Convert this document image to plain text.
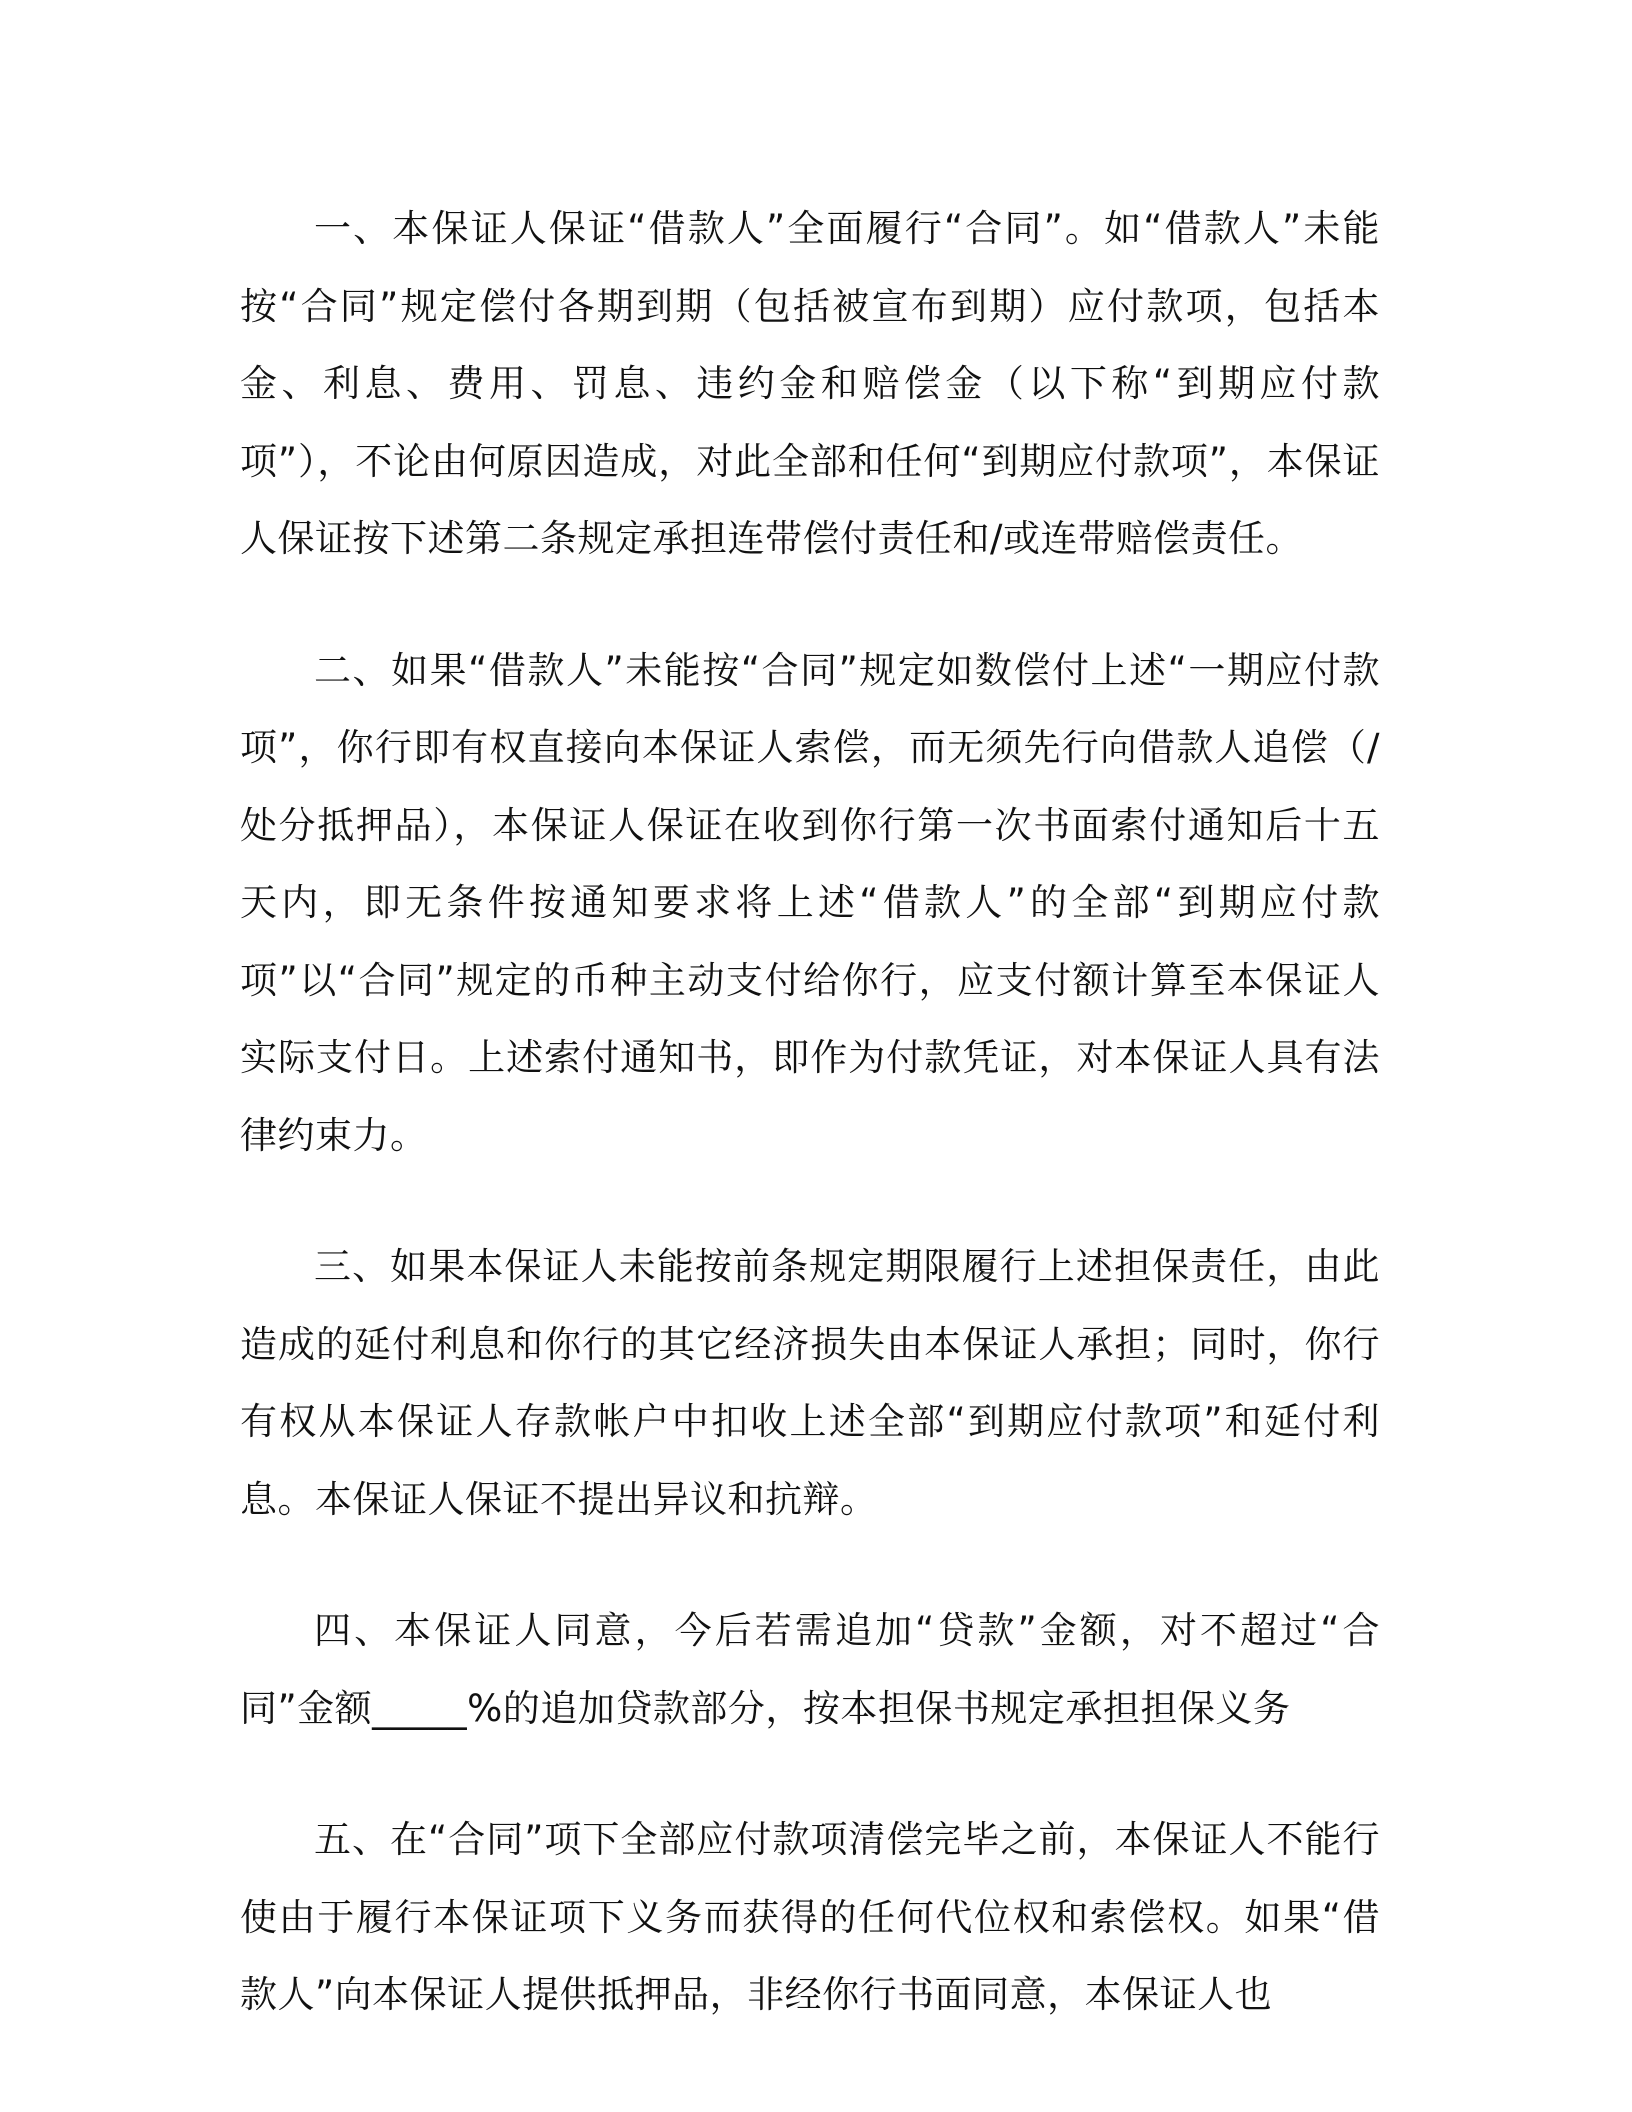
一、本保证人保证“借款人”全面履行“合同”。如“借款人”未能按“合同”规定偿付各期到期（包括被宣布到期）应付款项，包括本金、利息、费用、罚息、违约金和赔偿金（以下称“到期应付款项”），不论由何原因造成，对此全部和任何“到期应付款项”，本保证人保证按下述第二条规定承担连带偿付责任和/或连带赔偿责任。

二、如果“借款人”未能按“合同”规定如数偿付上述“一期应付款项”，你行即有权直接向本保证人索偿，而无须先行向借款人追偿（/处分抵押品），本保证人保证在收到你行第一次书面索付通知后十五天内，即无条件按通知要求将上述“借款人”的全部“到期应付款项”以“合同”规定的币种主动支付给你行，应支付额计算至本保证人实际支付日。上述索付通知书，即作为付款凭证，对本保证人具有法律约束力。

三、如果本保证人未能按前条规定期限履行上述担保责任，由此造成的延付利息和你行的其它经济损失由本保证人承担；同时，你行有权从本保证人存款帐户中扣收上述全部“到期应付款项”和延付利息。本保证人保证不提出异议和抗辩。

四、本保证人同意，今后若需追加“贷款”金额，对不超过“合同”金额_____%的追加贷款部分，按本担保书规定承担担保义务

五、在“合同”项下全部应付款项清偿完毕之前，本保证人不能行使由于履行本保证项下义务而获得的任何代位权和索偿权。如果“借款人”向本保证人提供抵押品，非经你行书面同意，本保证人也
